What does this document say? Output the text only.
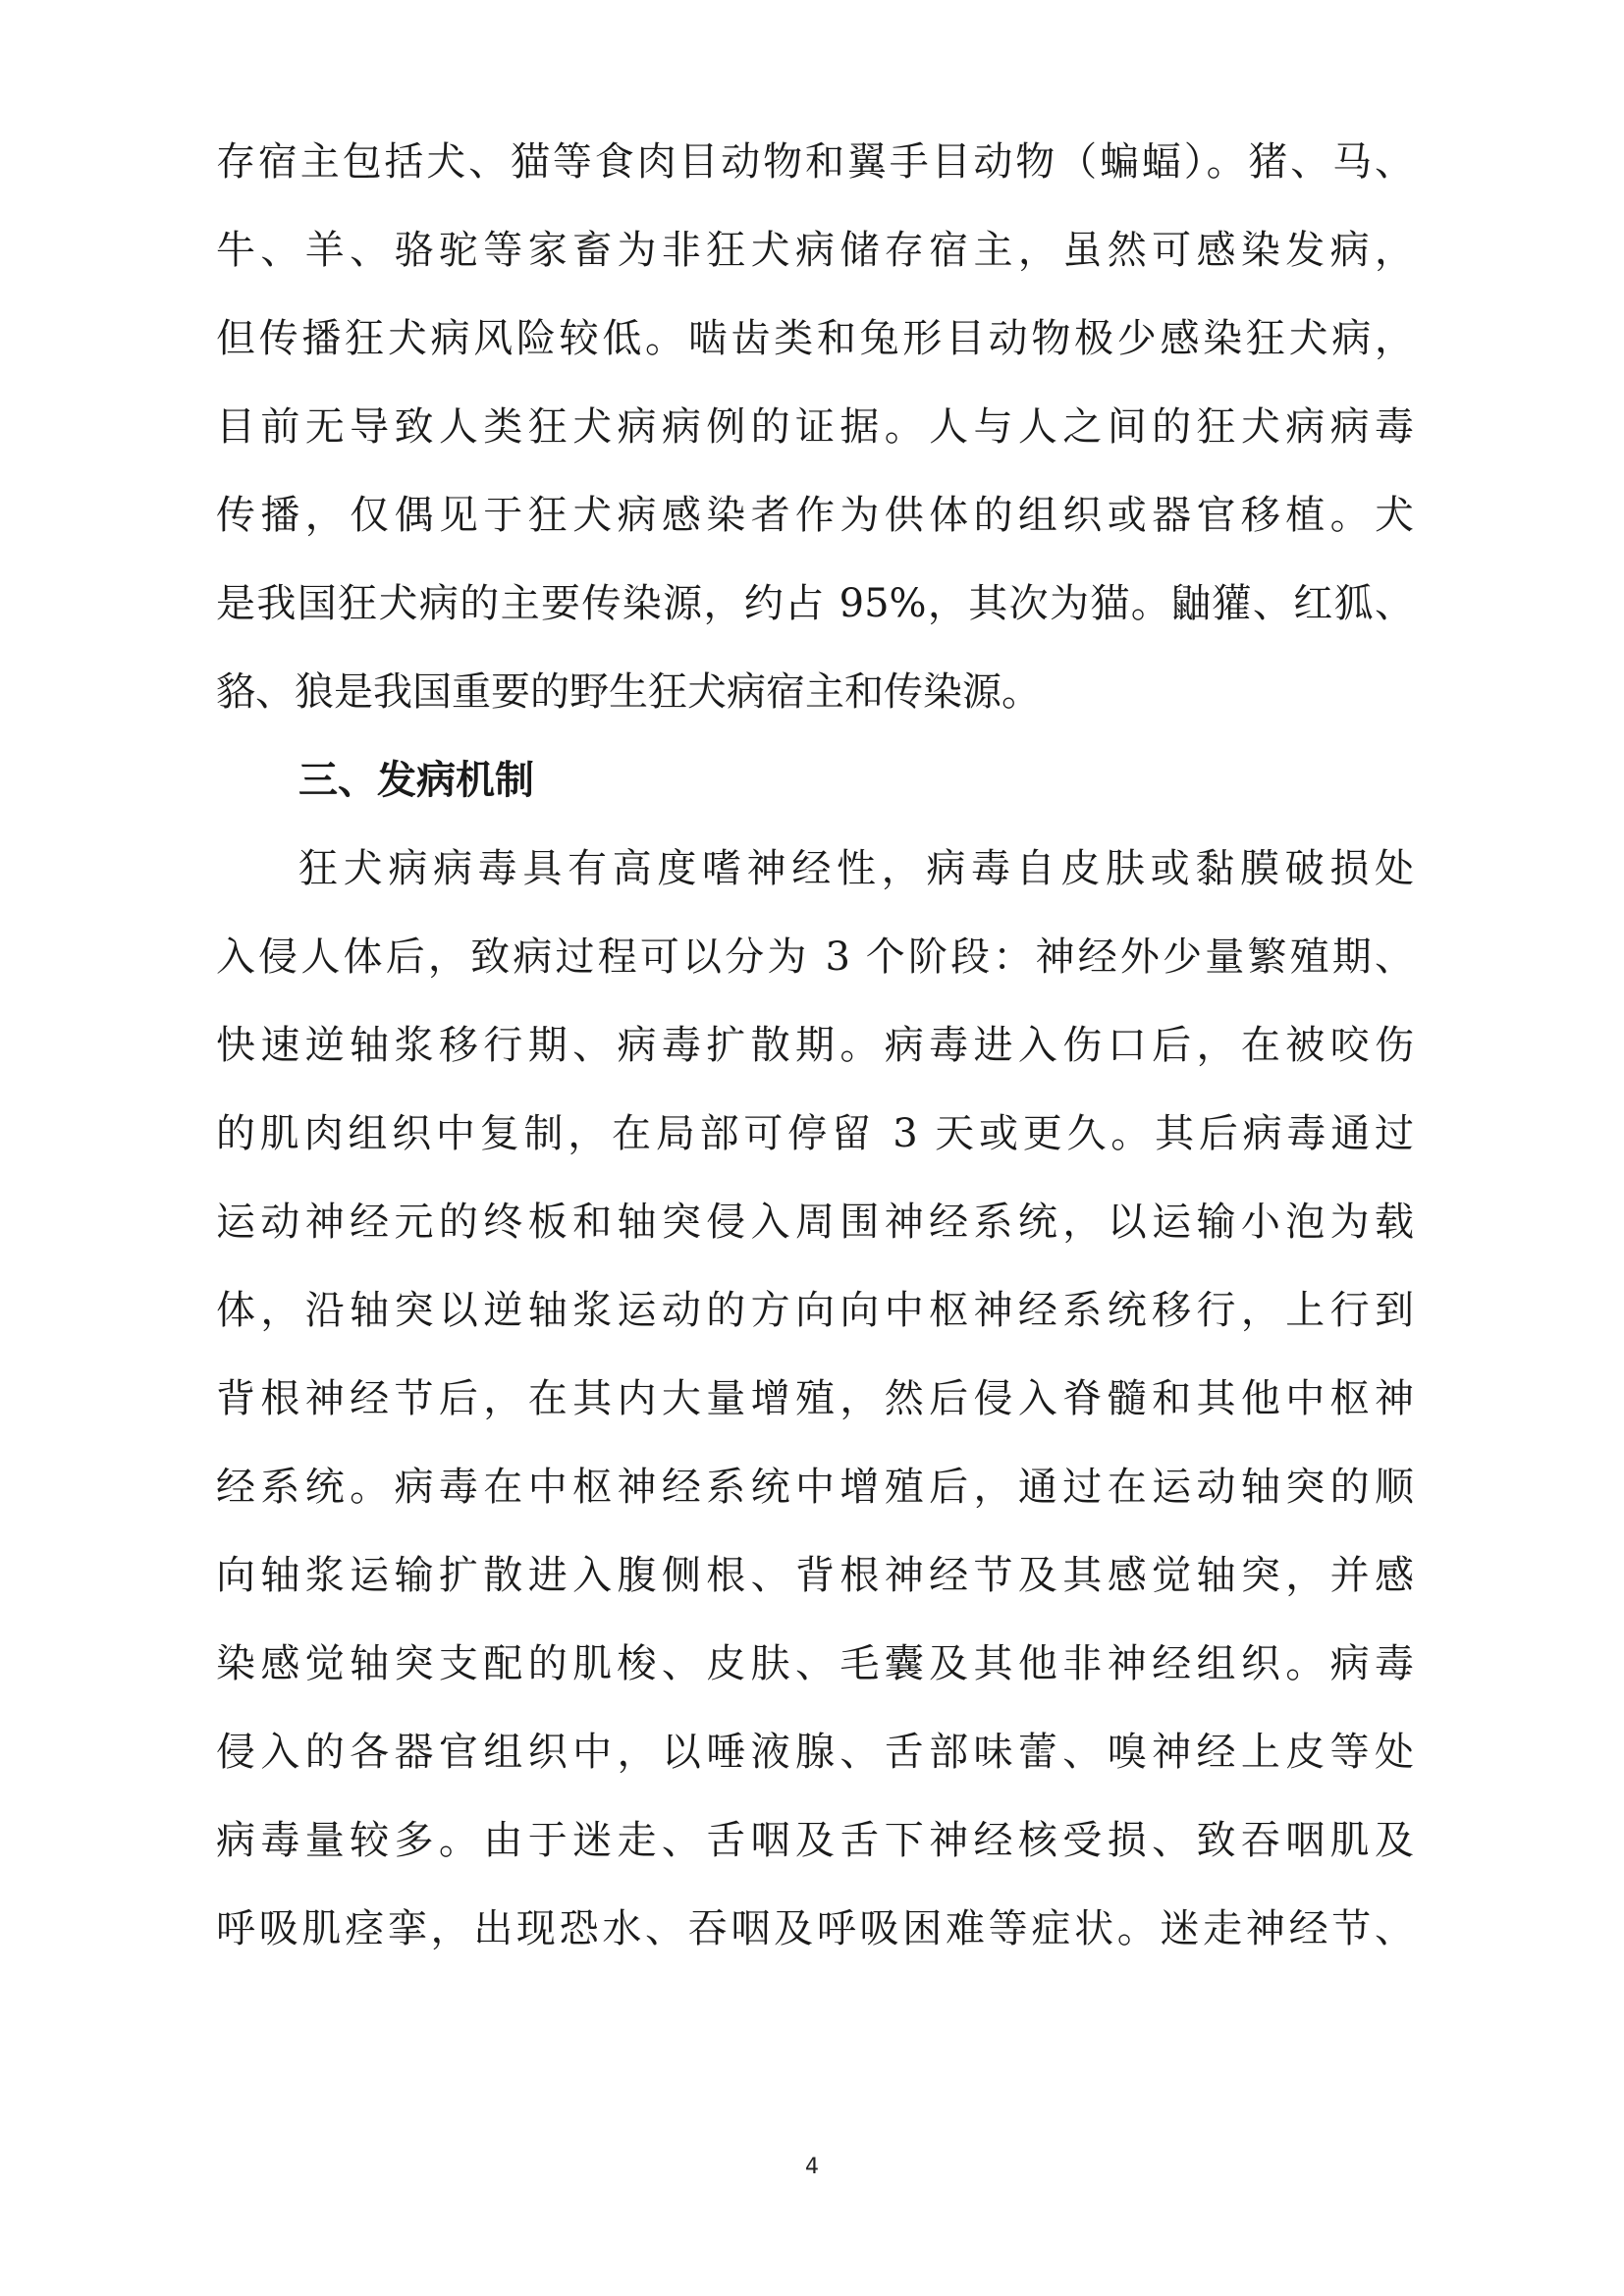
存宿主包括犬、猫等食肉目动物和翼手目动物（蝙蝠）。猪、马、
牛、羊、骆驼等家畜为非狂犬病储存宿主，虽然可感染发病，
但传播狂犬病风险较低。啮齿类和兔形目动物极少感染狂犬病，
目前无导致人类狂犬病病例的证据。人与人之间的狂犬病病毒
传播，仅偶见于狂犬病感染者作为供体的组织或器官移植。犬
是我国狂犬病的主要传染源，约占 95%，其次为猫。鼬獾、红狐、
貉、狼是我国重要的野生狂犬病宿主和传染源。
三、发病机制
狂犬病病毒具有高度嗜神经性，病毒自皮肤或黏膜破损处
入侵人体后，致病过程可以分为 3 个阶段：神经外少量繁殖期、
快速逆轴浆移行期、病毒扩散期。病毒进入伤口后，在被咬伤
的肌肉组织中复制，在局部可停留 3 天或更久。其后病毒通过
运动神经元的终板和轴突侵入周围神经系统，以运输小泡为载
体，沿轴突以逆轴浆运动的方向向中枢神经系统移行，上行到
背根神经节后，在其内大量增殖，然后侵入脊髓和其他中枢神
经系统。病毒在中枢神经系统中增殖后，通过在运动轴突的顺
向轴浆运输扩散进入腹侧根、背根神经节及其感觉轴突，并感
染感觉轴突支配的肌梭、皮肤、毛囊及其他非神经组织。病毒
侵入的各器官组织中，以唾液腺、舌部味蕾、嗅神经上皮等处
病毒量较多。由于迷走、舌咽及舌下神经核受损、致吞咽肌及
呼吸肌痉挛，出现恐水、吞咽及呼吸困难等症状。迷走神经节、
4
